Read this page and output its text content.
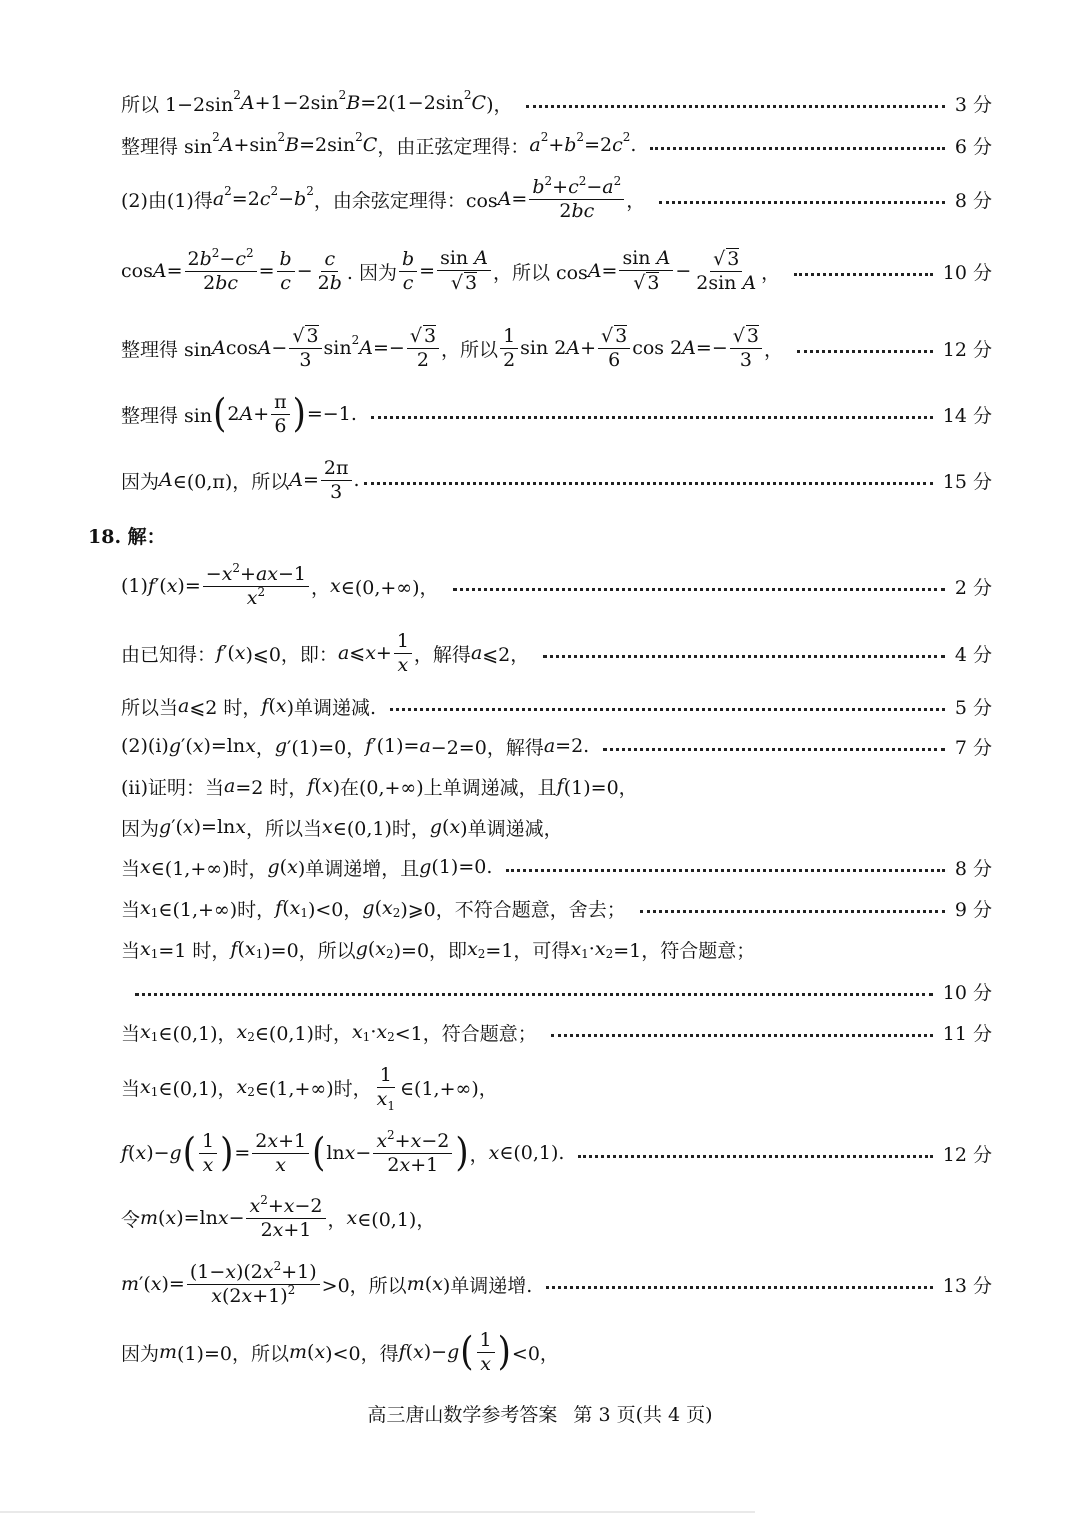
所以 1−2sin 2 A +1−2sin 2 B =2(1−2sin 2 C )，	3 分
整理得 sin 2 A +sin 2 B =2sin 2 C ，由正弦定理得： a 2 + b 2 =2 c 2 .	6 分
(2)由(1)得 a 2 =2 c 2 − b 2 ，由余弦定理得：cos A =
$b^2+c^2-a^2$
2bc ，	8 分
cos A =
$2b^2-c^2$
2bc
=
b
c
−
c
2b . 因为
b
c
=
sin A
√ 3 ，所以 cos A =
sin A
√ 3
−
√ 3
2sin A ，	10 分
整理得 sin A cos A −
√ 3
3
sin 2 A =−
√ 3
2 ，所以
1
2
sin 2 A +
√ 3
6
cos 2 A =−
√ 3
3 ，	12 分
整理得 sin ( 2 A +
π
6 ) =−1.	14 分
因为 A ∈(0,π)，所以 A =
2π
3
.	15 分
18. 解：
(1) f ′( x )=
$-x^2+ax-1$
$x^2$ ， x ∈(0,+∞)，	2 分
由已知得： f ′( x )⩽0，即： a ⩽ x +
1
x ，解得 a ⩽2，	4 分
所以当 a ⩽2 时， f ( x )单调递减.	5 分
(2)(ⅰ) g ′( x )=ln x ， g ′(1)=0， f ′(1)= a −2=0，解得 a =2.	7 分
(ⅱ)证明：当 a =2 时， f ( x )在(0,+∞)上单调递减，且 f (1)=0，
因为 g ′( x )=ln x ，所以当 x ∈(0,1)时， g ( x )单调递减，
当 x ∈(1,+∞)时， g ( x )单调递增，且 g (1)=0.	8 分
当 x 1 ∈(1,+∞)时， f ( x 1 )<0， g ( x 2 )⩾0，不符合题意，舍去；	9 分
当 x 1 =1 时， f ( x 1 )=0，所以 g ( x 2 )=0，即 x 2 =1，可得 x 1 · x 2 =1，符合题意；
10 分
当 x 1 ∈(0,1)， x 2 ∈(0,1)时， x 1 · x 2 <1，符合题意；	11 分
当 x 1 ∈(0,1)， x 2 ∈(1,+∞)时，
1
$x_1$
∈(1,+∞)，
f ( x )− g ( 1
x ) =
2x+1
x ( ln x −
$x^2+x-2$
2x+1 ) ， x ∈(0,1).	12 分
令 m ( x )=ln x −
$x^2+x-2$
2x+1 ， x ∈(0,1)，
m ′( x )=
$(1-x)(2x^2+1)$
$x(2x+1)^2 >0$，所以 m ( x )单调递增.	13 分
因为 m (1)=0，所以 m ( x )<0，得 f ( x )− g ( 1
x ) <0，
高三唐山数学参考答案 第 3 页(共 4 页)
